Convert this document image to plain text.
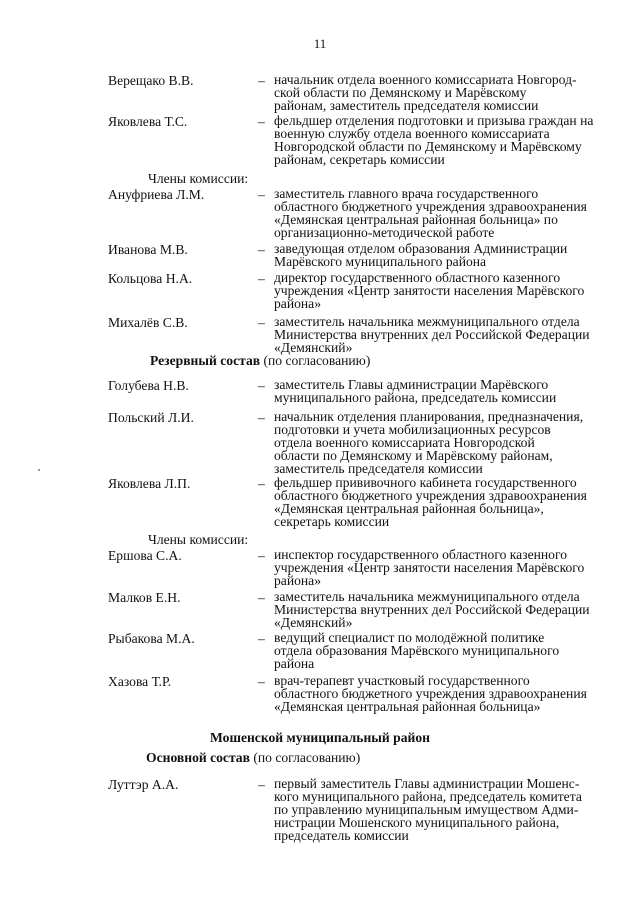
11
Верещако В.В.	– начальник отдела военного комиссариата Новгород-
ской области по Демянскому и Марёвскому
районам, заместитель председателя комиссии
Яковлева Т.С.	– фельдшер отделения подготовки и призыва граждан на
военную службу отдела военного комиссариата
Новгородской области по Демянскому и Марёвскому
районам, секретарь комиссии
Члены комиссии:
Ануфриева Л.М.	– заместитель главного врача государственного
областного бюджетного учреждения здравоохранения
«Демянская центральная районная больница» по
организационно-методической работе
Иванова М.В.	– заведующая отделом образования Администрации
Марёвского муниципального района
Кольцова Н.А.	– директор государственного областного казенного
учреждения «Центр занятости населения Марёвского
района»
Михалёв С.В.	– заместитель начальника межмуниципального отдела
Министерства внутренних дел Российской Федерации
«Демянский»
Резервный состав (по согласованию)
Голубева Н.В.	– заместитель Главы администрации Марёвского
муниципального района, председатель комиссии
Польский Л.И.	– начальник отделения планирования, предназначения,
подготовки и учета мобилизационных ресурсов
отдела военного комиссариата Новгородской
области по Демянскому и Марёвскому районам,
заместитель председателя комиссии
Яковлева Л.П.	– фельдшер прививочного кабинета государственного
областного бюджетного учреждения здравоохранения
«Демянская центральная районная больница»,
секретарь комиссии
Члены комиссии:
Ершова С.А.	– инспектор государственного областного казенного
учреждения «Центр занятости населения Марёвского
района»
Малков Е.Н.	– заместитель начальника межмуниципального отдела
Министерства внутренних дел Российской Федерации
«Демянский»
Рыбакова М.А.	– ведущий специалист по молодёжной политике
отдела образования Марёвского муниципального
района
Хазова Т.Р.	– врач-терапевт участковый государственного
областного бюджетного учреждения здравоохранения
«Демянская центральная районная больница»
Мошенской муниципальный район
Основной состав (по согласованию)
Луттэр А.А.	– первый заместитель Главы администрации Мошенс-
кого муниципального района, председатель комитета
по управлению муниципальным имуществом Адми-
нистрации Мошенского муниципального района,
председатель комиссии
